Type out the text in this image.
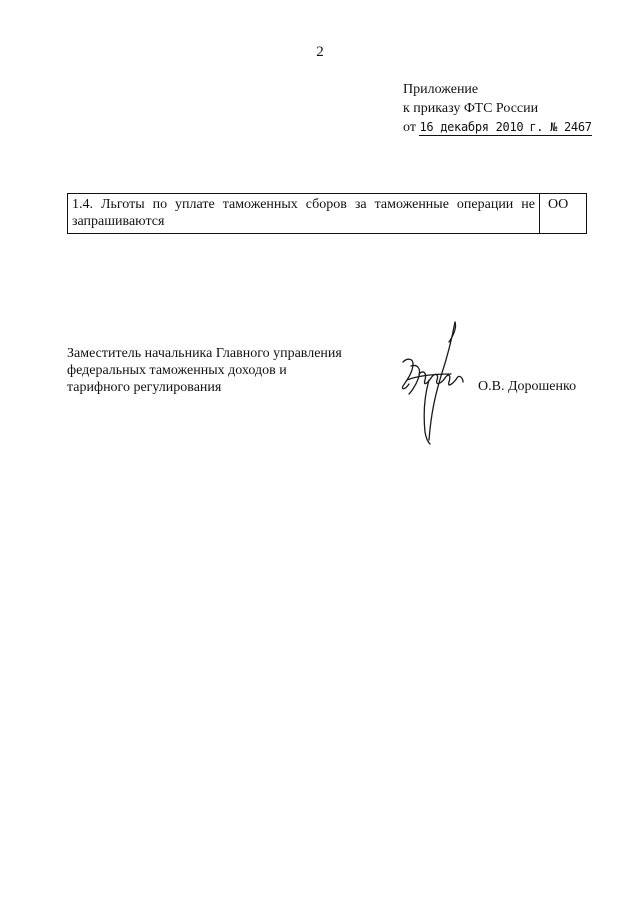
2
Приложение
к приказу ФТС России
от 16 декабря 2010 г. № 2467
1.4. Льготы по уплате таможенных сборов за таможенные операции не запрашиваются	ОО
Заместитель начальника Главного управления
федеральных таможенных доходов и
тарифного регулирования	О.В. Дорошенко
